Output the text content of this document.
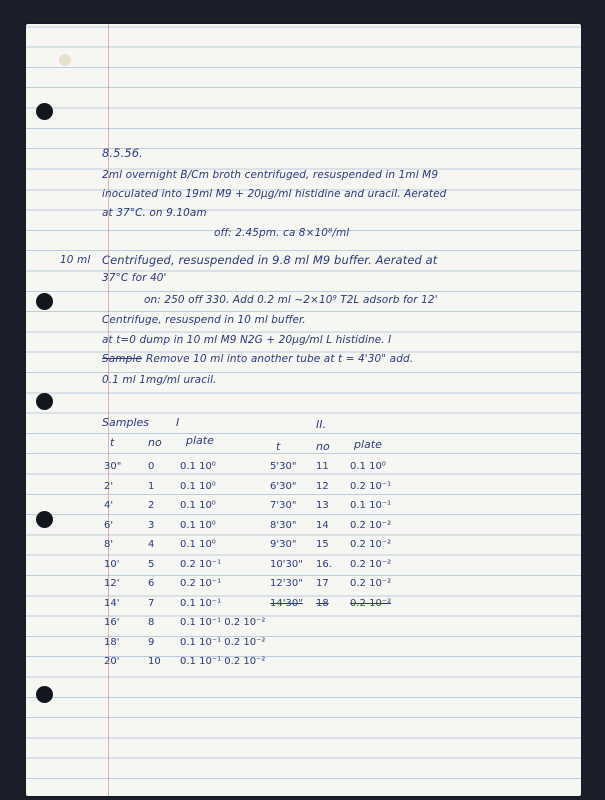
8.5.56.
2ml overnight B/Cm broth centrifuged, resuspended in 1ml M9
inoculated into 19ml M9 + 20µg/ml histidine and uracil. Aerated
at 37°C. on 9.10am
off: 2.45pm. ca 8×10⁸/ml
10 ml Centrifuged, resuspended in 9.8 ml M9 buffer. Aerated at
37°C for 40'
on: 250 off 330. Add 0.2 ml ~2×10⁹ T2L adsorb for 12'
Centrifuge, resuspend in 10 ml buffer.
at t=0 dump in 10 ml M9 N2G + 20µg/ml L histidine. I
Sample Remove 10 ml into another tube at t = 4'30" add.
0.1 ml 1mg/ml uracil.
Samples I
t	no plate
30"	0	0.1 10⁰
2'	1	0.1 10⁰
4'	2	0.1 10⁰
6'	3	0.1 10⁰
8'	4	0.1 10⁰
10'	5	0.2 10⁻¹
12'	6	0.2 10⁻¹
14'	7	0.1 10⁻¹
16'	8	0.1 10⁻¹ 0.2 10⁻²
18'	9	0.1 10⁻¹ 0.2 10⁻²
20'	10 0.1 10⁻¹ 0.2 10⁻²
II.
t	no plate
5'30" 11 0.1 10⁰
6'30" 12 0.2 10⁻¹
7'30" 13 0.1 10⁻¹
8'30" 14 0.2 10⁻²
9'30" 15 0.2 10⁻²
10'30" 16. 0.2 10⁻²
12'30" 17 0.2 10⁻²
14'30" 18 0.2 10⁻²
